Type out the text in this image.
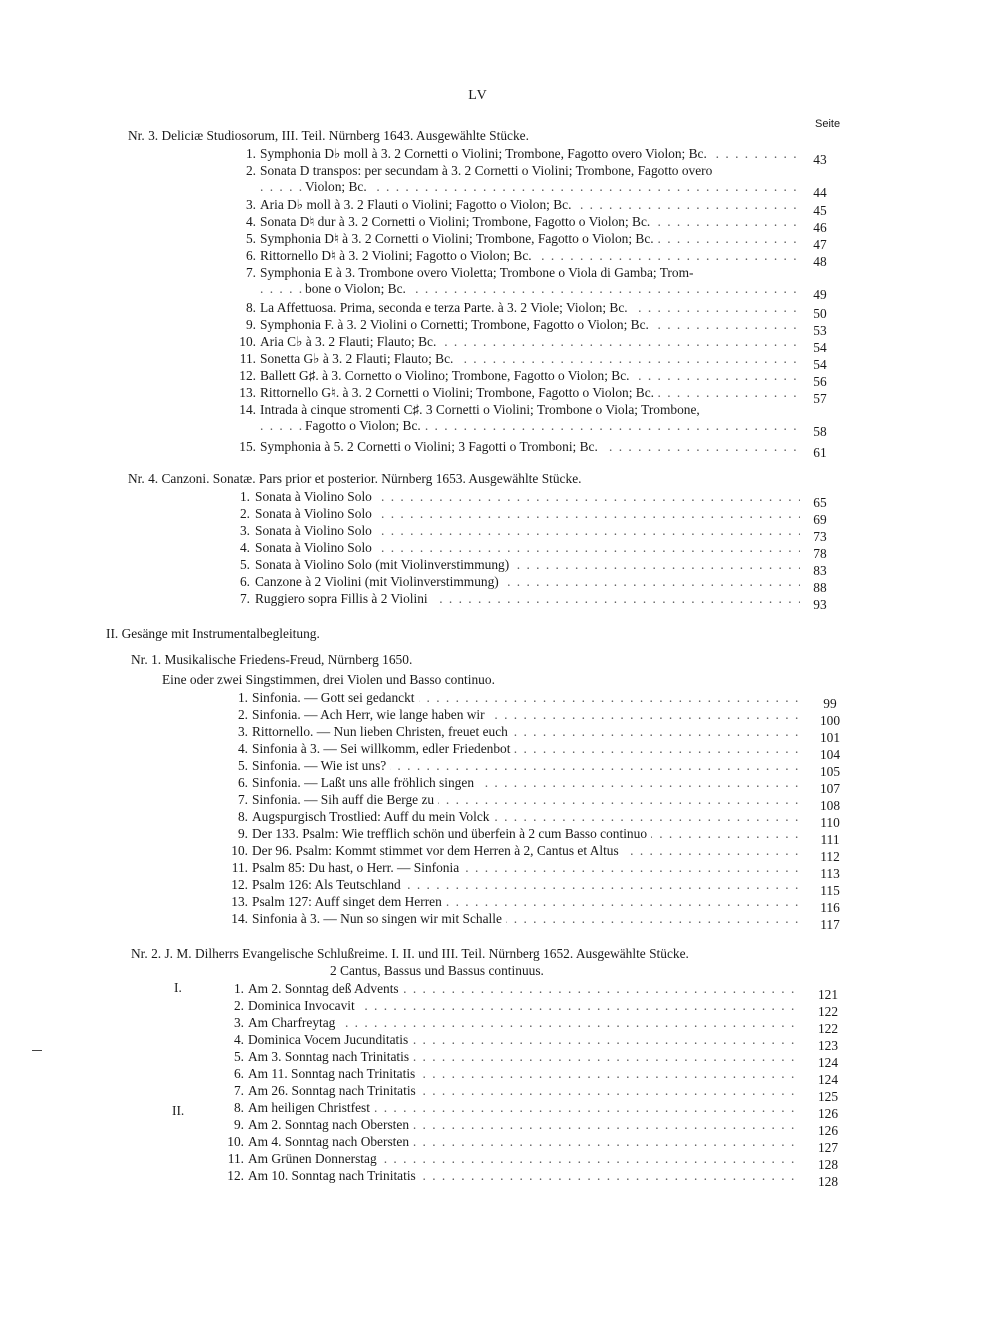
LV
Seite
Nr. 3. Deliciæ Studiosorum, III. Teil. Nürnberg 1643. Ausgewählte Stücke.
1. Symphonia D♭ moll à 3. 2 Cornetti o Violini; Trombone, Fagotto overo Violon; Bc. . . .	43
2. Sonata D transpos: per secundam à 3. 2 Cornetti o Violini; Trombone, Fagotto overo
Violon; Bc. . . .	44
3. Aria D♭ moll à 3. 2 Flauti o Violini; Fagotto o Violon; Bc. . . .	45
4. Sonata D♮ dur à 3. 2 Cornetti o Violini; Trombone, Fagotto o Violon; Bc. . . .	46
5. Symphonia D♮ à 3. 2 Cornetti o Violini; Trombone, Fagotto o Violon; Bc. . . .	47
6. Rittornello D♮ à 3. 2 Violini; Fagotto o Violon; Bc. . . .	48
7. Symphonia E à 3. Trombone overo Violetta; Trombone o Viola di Gamba; Trom-
bone o Violon; Bc. . . .	49
8. La Affettuosa. Prima, seconda e terza Parte. à 3. 2 Viole; Violon; Bc. . . .	50
9. Symphonia F. à 3. 2 Violini o Cornetti; Trombone, Fagotto o Violon; Bc. . . .	53
10. Aria C♭ à 3. 2 Flauti; Flauto; Bc. . . .	54
11. Sonetta G♭ à 3. 2 Flauti; Flauto; Bc. . . .	54
12. Ballett G♯. à 3. Cornetto o Violino; Trombone, Fagotto o Violon; Bc. . . .	56
13. Rittornello G♮. à 3. 2 Cornetti o Violini; Trombone, Fagotto o Violon; Bc. . . .	57
14. Intrada à cinque stromenti C♯. 3 Cornetti o Violini; Trombone o Viola; Trombone,
Fagotto o Violon; Bc. . . .	58
15. Symphonia à 5. 2 Cornetti o Violini; 3 Fagotti o Tromboni; Bc. . . .	61
Nr. 4. Canzoni. Sonatæ. Pars prior et posterior. Nürnberg 1653. Ausgewählte Stücke.
1. Sonata à Violino Solo . . .	65
2. Sonata à Violino Solo . . .	69
3. Sonata à Violino Solo . . .	73
4. Sonata à Violino Solo . . .	78
5. Sonata à Violino Solo (mit Violinverstimmung) . . .	83
6. Canzone à 2 Violini (mit Violinverstimmung) . . .	88
7. Ruggiero sopra Fillis à 2 Violini . . .	93
II. Gesänge mit Instrumentalbegleitung.
Nr. 1. Musikalische Friedens-Freud, Nürnberg 1650.
Eine oder zwei Singstimmen, drei Violen und Basso continuo.
1. Sinfonia. — Gott sei gedanckt . . .	99
2. Sinfonia. — Ach Herr, wie lange haben wir . . .	100
3. Rittornello. — Nun lieben Christen, freuet euch . . .	101
4. Sinfonia à 3. — Sei willkomm, edler Friedenbot . . .	104
5. Sinfonia. — Wie ist uns? . . .	105
6. Sinfonia. — Laßt uns alle fröhlich singen . . .	107
7. Sinfonia. — Sih auff die Berge zu . . .	108
8. Augspurgisch Trostlied: Auff du mein Volck . . .	110
9. Der 133. Psalm: Wie trefflich schön und überfein à 2 cum Basso continuo . . .	111
10. Der 96. Psalm: Kommt stimmet vor dem Herren à 2, Cantus et Altus . . .	112
11. Psalm 85: Du hast, o Herr. — Sinfonia . . .	113
12. Psalm 126: Als Teutschland . . .	115
13. Psalm 127: Auff singet dem Herren . . .	116
14. Sinfonia à 3. — Nun so singen wir mit Schalle . . .	117
Nr. 2. J. M. Dilherrs Evangelische Schlußreime. I. II. und III. Teil. Nürnberg 1652. Ausgewählte Stücke.
2 Cantus, Bassus und Bassus continuus.
I.
II.
1. Am 2. Sonntag deß Advents . . .	121
2. Dominica Invocavit . . .	122
3. Am Charfreytag . . .	122
4. Dominica Vocem Jucunditatis . . .	123
5. Am 3. Sonntag nach Trinitatis . . .	124
6. Am 11. Sonntag nach Trinitatis . . .	124
7. Am 26. Sonntag nach Trinitatis . . .	125
8. Am heiligen Christfest . . .	126
9. Am 2. Sonntag nach Obersten . . .	126
10. Am 4. Sonntag nach Obersten . . .	127
11. Am Grünen Donnerstag . . .	128
12. Am 10. Sonntag nach Trinitatis . . .	128
